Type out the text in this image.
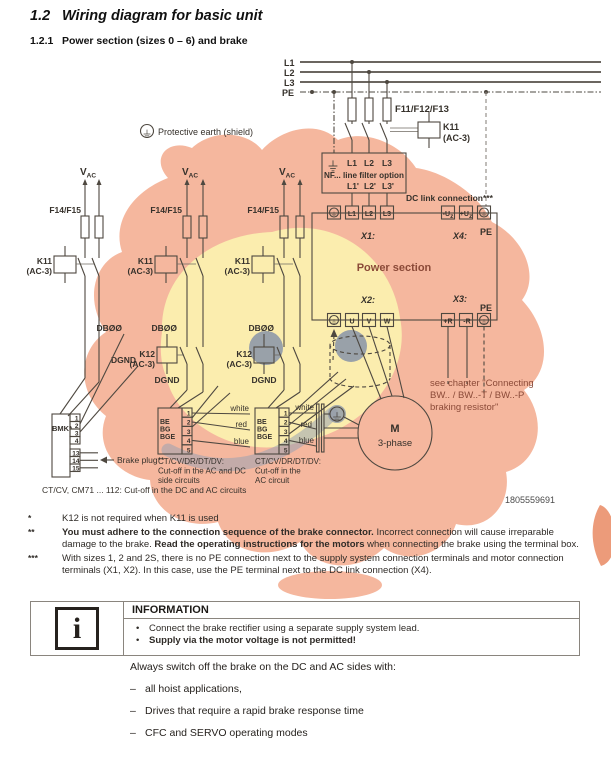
L1
L2
L3
PE
F11/F12/F13
K11
(AC-3)
Protective earth (shield)
L1 L2 L3
NF... line filter option
L1' L2' L3'
DC link connection***
Power section
L1 L2 L3
X1:
-Uz +Uz
X4: PE
X2:
U V W
X3:
PE
+R -R
M
3-phase
see chapter "Connecting
BW.. / BW..-T / BW..-P
braking resistor"
$V_{AC}$
F14/F15
K11
(AC-3)
DBØØ
DGND
BMK*
1
2
3
4
13
14
15
Brake plug**
CT/CV, CM71 ... 112: Cut-off in the DC and AC circuits
$V_{AC}$
F14/F15
K11
(AC-3)
DBØØ
K12
(AC-3)
DGND
BE
BG
BGE
1
2
3
4
5
white
red
blue
CT/CV/DR/DT/DV:
Cut-off in the AC and DC
side circuits
$V_{AC}$
F14/F15
K11
(AC-3)
DBØØ
K12
(AC-3)
DGND
BE
BG
BGE
1
2
3
4
5
white
red
blue
CT/CV/DR/DT/DV:
Cut-off in the
AC circuit
1805559691
1.2 Wiring diagram for basic unit
1.2.1 Power section (sizes 0 – 6) and brake
*	K12 is not required when K11 is used
**	You must adhere to the connection sequence of the brake connector. Incorrect connection will cause irreparable damage to the brake. Read the operating instructions for the motors when connecting the brake using the terminal box.
***	With sizes 1, 2 and 2S, there is no PE connection next to the supply system connection terminals and motor connection terminals (X1, X2). In this case, use the PE terminal next to the DC link connection (X4).
i
INFORMATION
•	Connect the brake rectifier using a separate supply system lead.
•	Supply via the motor voltage is not permitted!
Always switch off the brake on the DC and AC sides with:
– all hoist applications,
– Drives that require a rapid brake response time
– CFC and SERVO operating modes
